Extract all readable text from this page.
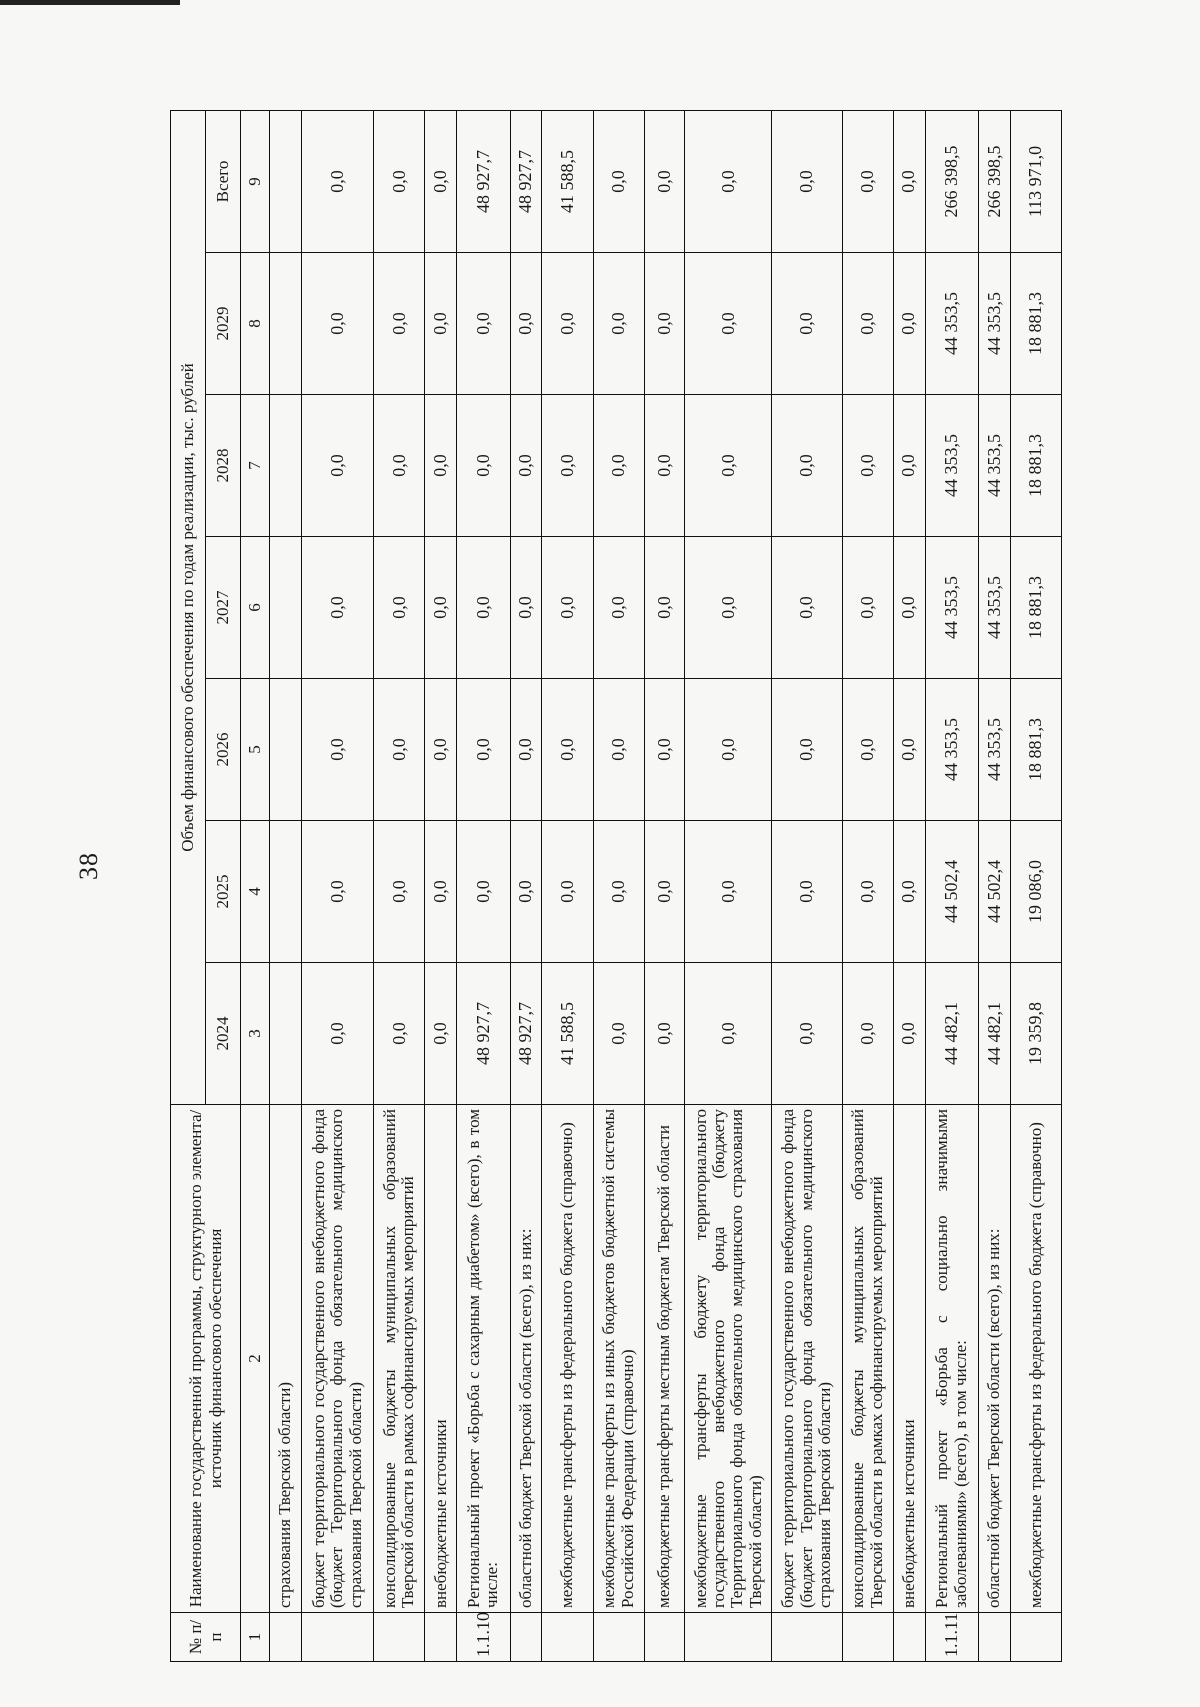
38
№ п/п	Наименование государственной программы, структурного элемента/источник финансового обеспечения	Объем финансового обеспечения по годам реализации, тыс. рублей						
		2024	2025	2026	2027	2028	2029	Всего
1	2	3	4	5	6	7	8	9
	страхования Тверской области)							
	бюджет территориального государственного внебюджетного фонда (бюджет Территориального фонда обязательного медицинского страхования Тверской области)	0,0	0,0	0,0	0,0	0,0	0,0	0,0
	консолидированные бюджеты муниципальных образований Тверской области в рамках софинансируемых мероприятий	0,0	0,0	0,0	0,0	0,0	0,0	0,0
	внебюджетные источники	0,0	0,0	0,0	0,0	0,0	0,0	0,0
1.1.10	Региональный проект «Борьба с сахарным диабетом» (всего), в том числе:	48 927,7	0,0	0,0	0,0	0,0	0,0	48 927,7
	областной бюджет Тверской области (всего), из них:	48 927,7	0,0	0,0	0,0	0,0	0,0	48 927,7
	межбюджетные трансферты из федерального бюджета (справочно)	41 588,5	0,0	0,0	0,0	0,0	0,0	41 588,5
	межбюджетные трансферты из иных бюджетов бюджетной системы Российской Федерации (справочно)	0,0	0,0	0,0	0,0	0,0	0,0	0,0
	межбюджетные трансферты местным бюджетам Тверской области	0,0	0,0	0,0	0,0	0,0	0,0	0,0
	межбюджетные трансферты бюджету территориального государственного внебюджетного фонда (бюджету Территориального фонда обязательного медицинского страхования Тверской области)	0,0	0,0	0,0	0,0	0,0	0,0	0,0
	бюджет территориального государственного внебюджетного фонда (бюджет Территориального фонда обязательного медицинского страхования Тверской области)	0,0	0,0	0,0	0,0	0,0	0,0	0,0
	консолидированные бюджеты муниципальных образований Тверской области в рамках софинансируемых мероприятий	0,0	0,0	0,0	0,0	0,0	0,0	0,0
	внебюджетные источники	0,0	0,0	0,0	0,0	0,0	0,0	0,0
1.1.11	Региональный проект «Борьба с социально значимыми заболеваниями» (всего), в том числе:	44 482,1	44 502,4	44 353,5	44 353,5	44 353,5	44 353,5	266 398,5
	областной бюджет Тверской области (всего), из них:	44 482,1	44 502,4	44 353,5	44 353,5	44 353,5	44 353,5	266 398,5
	межбюджетные трансферты из федерального бюджета (справочно)	19 359,8	19 086,0	18 881,3	18 881,3	18 881,3	18 881,3	113 971,0
